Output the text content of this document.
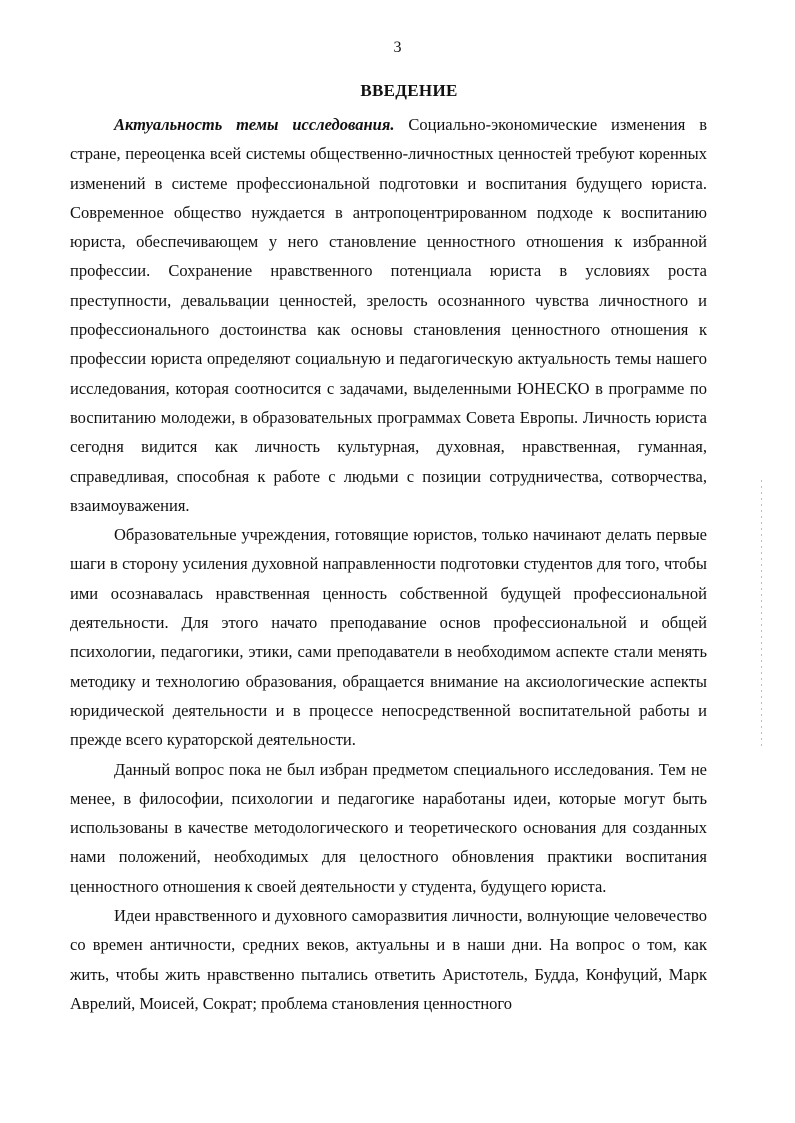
3
ВВЕДЕНИЕ

Актуальность темы исследования. Социально-экономические изменения в стране, переоценка всей системы общественно-личностных ценностей требуют коренных изменений в системе профессиональной подготовки и воспитания будущего юриста. Современное общество нуждается в антропоцентрированном подходе к воспитанию юриста, обеспечивающем у него становление ценностного отношения к избранной профессии. Сохранение нравственного потенциала юриста в условиях роста преступности, девальвации ценностей, зрелость осознанного чувства личностного и профессионального достоинства как основы становления ценностного отношения к профессии юриста определяют социальную и педагогическую актуальность темы нашего исследования, которая соотносится с задачами, выделенными ЮНЕСКО в программе по воспитанию молодежи, в образовательных программах Совета Европы. Личность юриста сегодня видится как личность культурная, духовная, нравственная, гуманная, справедливая, способная к работе с людьми с позиции сотрудничества, сотворчества, взаимоуважения.

Образовательные учреждения, готовящие юристов, только начинают делать первые шаги в сторону усиления духовной направленности подготовки студентов для того, чтобы ими осознавалась нравственная ценность собственной будущей профессиональной деятельности. Для этого начато преподавание основ профессиональной и общей психологии, педагогики, этики, сами преподаватели в необходимом аспекте стали менять методику и технологию образования, обращается внимание на аксиологические аспекты юридической деятельности и в процессе непосредственной воспитательной работы и прежде всего кураторской деятельности.

Данный вопрос пока не был избран предметом специального исследования. Тем не менее, в философии, психологии и педагогике наработаны идеи, которые могут быть использованы в качестве методологического и теоретического основания для созданных нами положений, необходимых для целостного обновления практики воспитания ценностного отношения к своей деятельности у студента, будущего юриста.

Идеи нравственного и духовного саморазвития личности, волнующие человечество со времен античности, средних веков, актуальны и в наши дни. На вопрос о том, как жить, чтобы жить нравственно пытались ответить Аристотель, Будда, Конфуций, Марк Аврелий, Моисей, Сократ; проблема становления ценностного
